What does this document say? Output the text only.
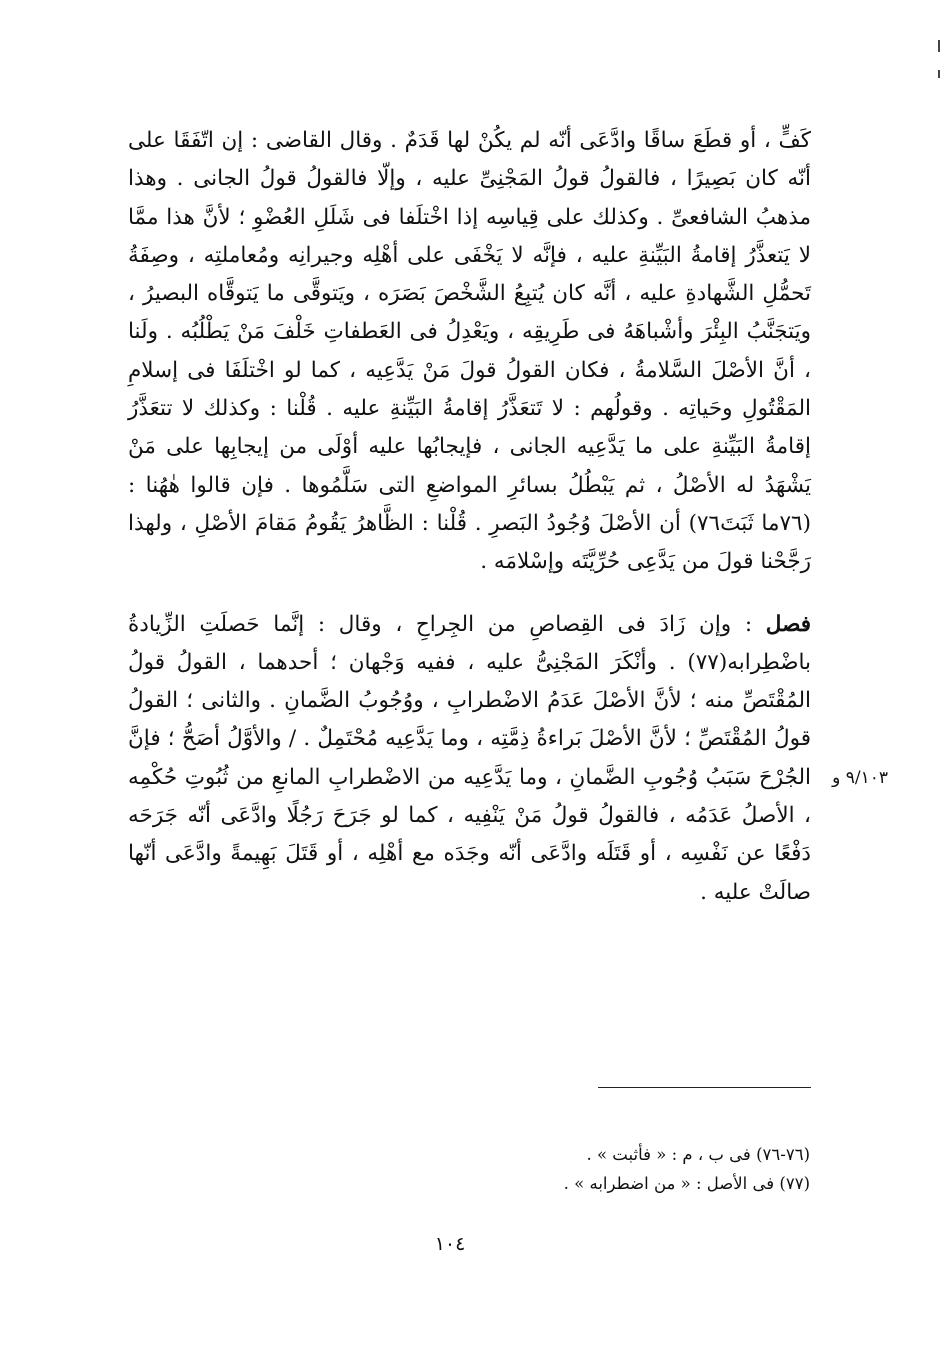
كَفٍّ ، أو قطَعَ ساقًا وادَّعَى أنّه لم يكُنْ لها قَدَمٌ . وقال القاضى : إن اتّفَقَا على أنّه كان بَصِيرًا ، فالقولُ قولُ المَجْنِىِّ عليه ، وإلّا فالقولُ قولُ الجانى . وهذا مذهبُ الشافعىِّ . وكذلك على قِياسِه إذا اخْتلَفا فى شَلَلِ العُضْوِ ؛ لأنَّ هذا ممَّا لا يَتعذَّرُ إقامةُ البَيِّنةِ عليه ، فإنَّه لا يَخْفَى على أهْلِه وجيرانِه ومُعاملتِه ، وصِفَةُ تَحمُّلِ الشَّهادةِ عليه ، أنَّه كان يُتبِعُ الشَّخْصَ بَصَرَه ، ويَتوقَّى ما يَتوقَّاه البصيرُ ، ويَتجَنَّبُ البِئْرَ وأشْباهَهُ فى طَرِيقِه ، ويَعْدِلُ فى العَطفاتِ خَلْفَ مَنْ يَطْلُبُه . ولَنا ، أنَّ الأصْلَ السَّلامةُ ، فكان القولُ قولَ مَنْ يَدَّعِيه ، كما لو اخْتلَفَا فى إسلامِ المَقْتُولِ وحَياتِه . وقولُهم : لا تَتعَذَّرُ إقامةُ البَيِّنةِ عليه . قُلْنا : وكذلك لا تتعَذَّرُ إقامةُ البَيِّنةِ على ما يَدَّعِيه الجانى ، فإيجابُها عليه أوْلَى من إيجابِها على مَنْ يَشْهَدُ له الأصْلُ ، ثم يَبْطُلُ بسائرِ المواضعِ التى سَلَّمُوها . فإن قالوا هٰهُنا : (٧٦ما ثَبَتَ٧٦) أن الأصْلَ وُجُودُ البَصرِ . قُلْنا : الظَّاهرُ يَقُومُ مَقامَ الأصْلِ ، ولهذا رَجَّحْنا قولَ من يَدَّعِى حُرِّيَّتَه وإسْلامَه .

فصل : وإن زَادَ فى القِصاصِ من الجِراحِ ، وقال : إنَّما حَصلَتِ الزِّيادةُ باضْطِرابه(٧٧) . وأنْكَرَ المَجْنِىُّ عليه ، ففيه وَجْهان ؛ أحدهما ، القولُ قولُ المُقْتَصِّ منه ؛ لأنَّ الأصْلَ عَدَمُ الاضْطرابِ ، ووُجُوبُ الضَّمانِ . والثانى ؛ القولُ قولُ المُقْتَصِّ ؛ لأنَّ الأصْلَ بَراءةُ ذِمَّتِه ، وما يَدَّعِيه مُحْتَمِلٌ . / والأوَّلُ أصَحُّ ؛ فإنَّ الجُرْحَ سَبَبُ وُجُوبِ الضَّمانِ ، وما يَدَّعِيه من الاضْطرابِ المانعِ من ثُبُوتِ حُكْمِه ، الأصلُ عَدَمُه ، فالقولُ قولُ مَنْ يَنْفِيه ، كما لو جَرَحَ رَجُلًا وادَّعَى أنّه جَرَحَه دَفْعًا عن نَفْسِه ، أو قَتَلَه وادَّعَى أنّه وجَدَه مع أهْلِه ، أو قَتَلَ بَهِيمةً وادَّعَى أنّها صالَتْ عليه .

٩/١٠٣ و

(٧٦-٧٦) فى ب ، م : « فأثبت » .

(٧٧) فى الأصل : « من اضطرابه » .

١٠٤
